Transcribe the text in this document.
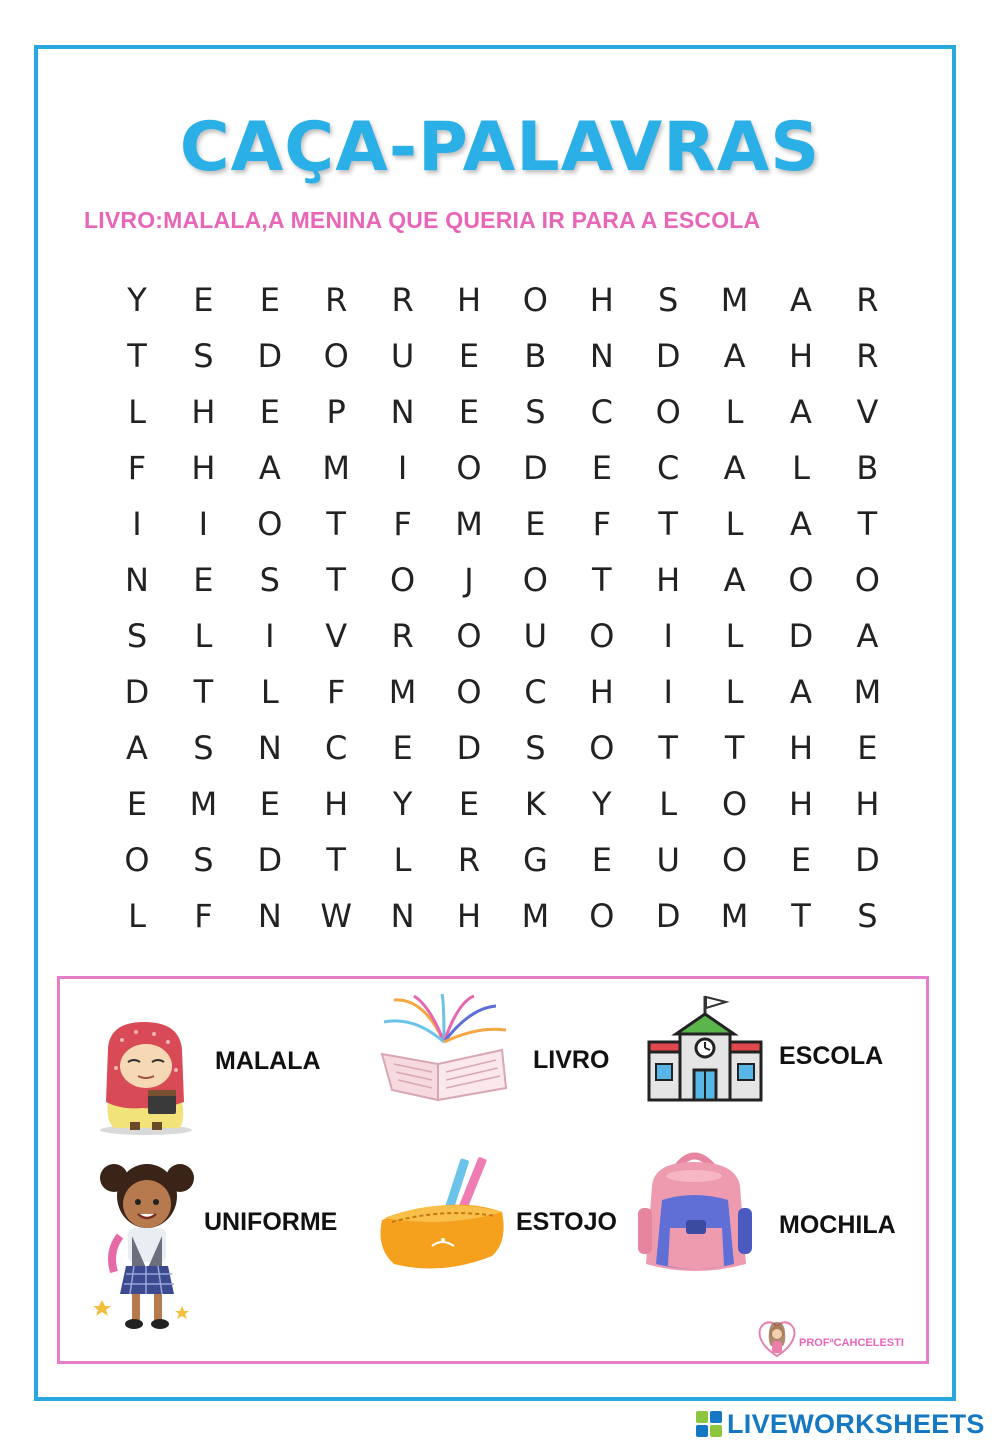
CAÇA-PALAVRAS

LIVRO:MALALA,A MENINA QUE QUERIA IR PARA A ESCOLA

Y	E	E	R	R	H	O	H	S	M	A	R
T	S	D	O	U	E	B	N	D	A	H	R
L	H	E	P	N	E	S	C	O	L	A	V
F	H	A	M	I	O	D	E	C	A	L	B
I	I	O	T	F	M	E	F	T	L	A	T
N	E	S	T	O	J	O	T	H	A	O	O
S	L	I	V	R	O	U	O	I	L	D	A
D	T	L	F	M	O	C	H	I	L	A	M
A	S	N	C	E	D	S	O	T	T	H	E
E	M	E	H	Y	E	K	Y	L	O	H	H
O	S	D	T	L	R	G	E	U	O	E	D
L	F	N	W	N	H	M	O	D	M	T	S
MALALA	LIVRO	ESCOLA
UNIFORME	ESTOJO	MOCHILA
PROFªCAHCELESTI
LIVEWORKSHEETS
